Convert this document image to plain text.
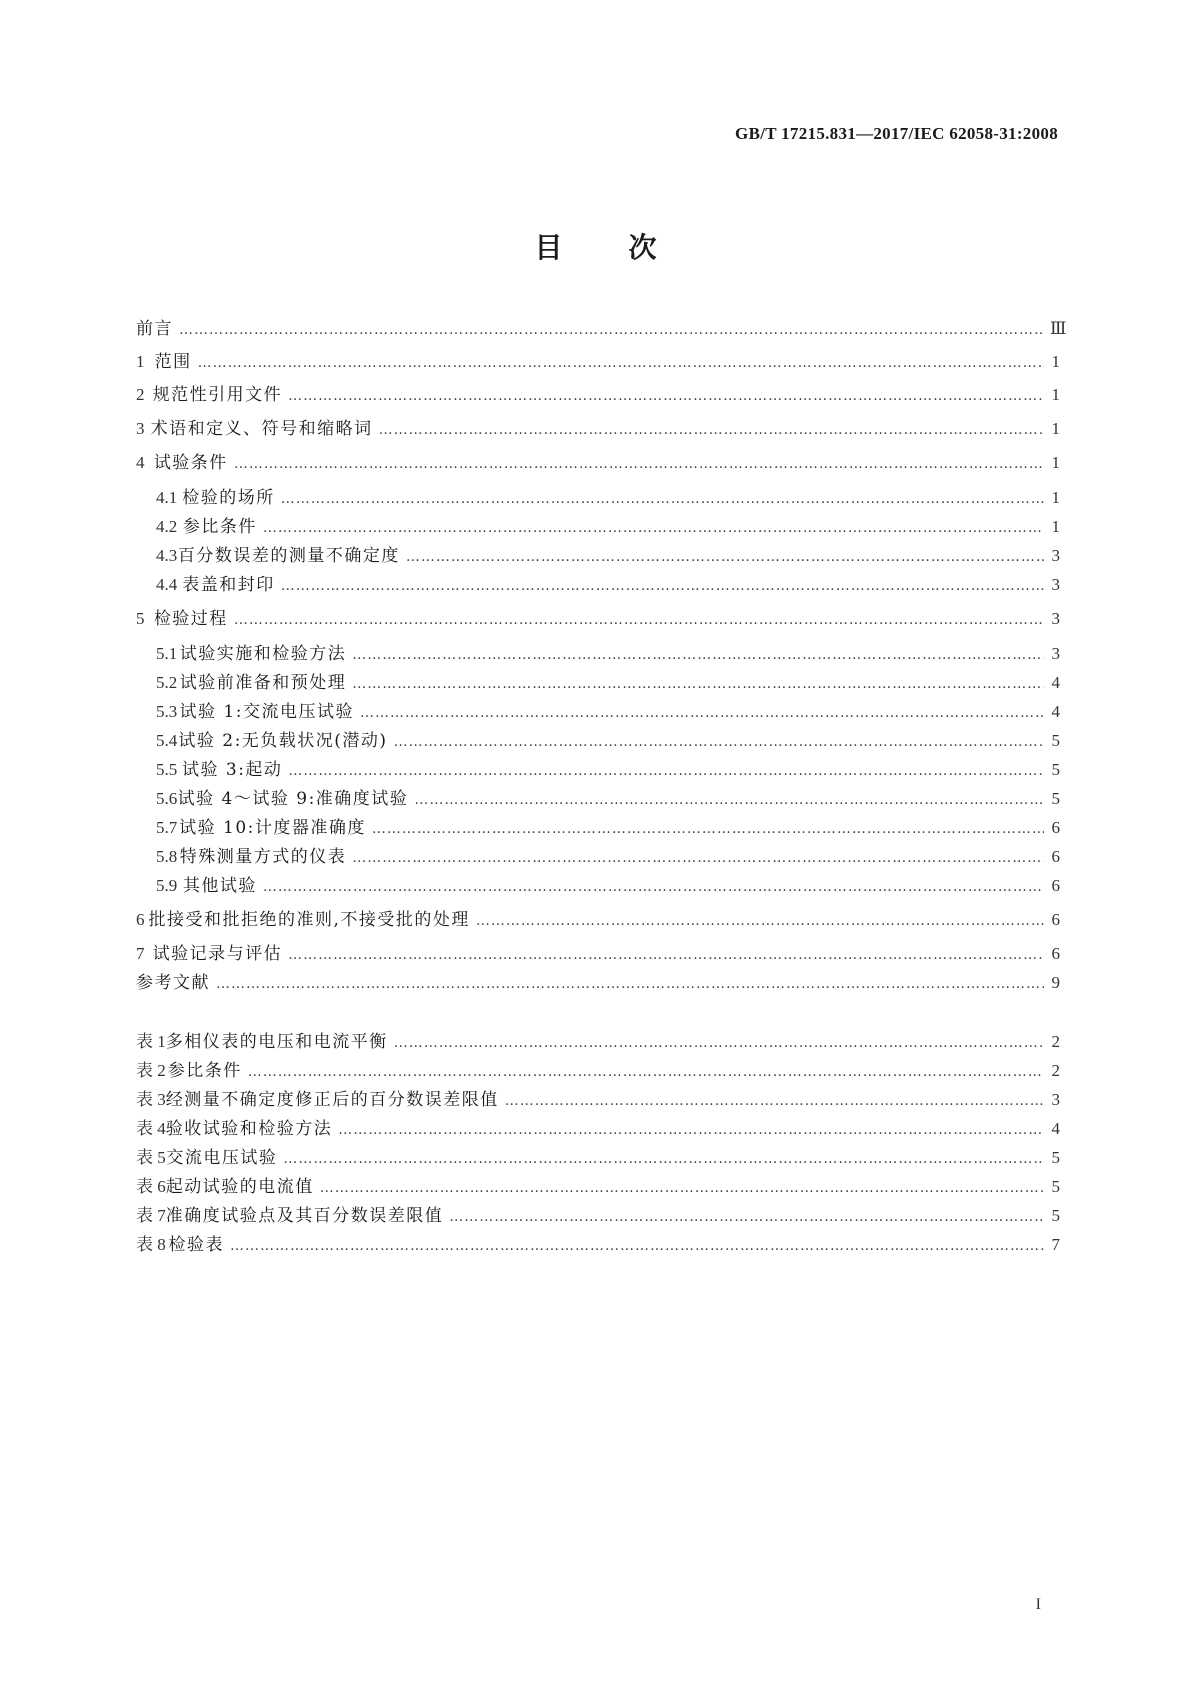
GB/T 17215.831—2017/IEC 62058-31:2008
目 次
前言 …………………………………………………………………………………………………………………………………………………………………………………………………………………………………………………………………	Ⅲ
1 范围 …………………………………………………………………………………………………………………………………………………………………………………………………………………………………………………………………	1
2 规范性引用文件 …………………………………………………………………………………………………………………………………………………………………………………………………………………………………………………………………	1
3 术语和定义、符号和缩略词 …………………………………………………………………………………………………………………………………………………………………………………………………………………………………………………………………	1
4 试验条件 …………………………………………………………………………………………………………………………………………………………………………………………………………………………………………………………………	1
4.1 检验的场所 …………………………………………………………………………………………………………………………………………………………………………………………………………………………………………………………………	1
4.2 参比条件 …………………………………………………………………………………………………………………………………………………………………………………………………………………………………………………………………	1
4.3 百分数误差的测量不确定度 …………………………………………………………………………………………………………………………………………………………………………………………………………………………………………………………………	3
4.4 表盖和封印 …………………………………………………………………………………………………………………………………………………………………………………………………………………………………………………………………	3
5 检验过程 …………………………………………………………………………………………………………………………………………………………………………………………………………………………………………………………………	3
5.1 试验实施和检验方法 …………………………………………………………………………………………………………………………………………………………………………………………………………………………………………………………………	3
5.2 试验前准备和预处理 …………………………………………………………………………………………………………………………………………………………………………………………………………………………………………………………………	4
5.3 试验 1:交流电压试验 …………………………………………………………………………………………………………………………………………………………………………………………………………………………………………………………………	4
5.4 试验 2:无负载状况(潜动) …………………………………………………………………………………………………………………………………………………………………………………………………………………………………………………………………	5
5.5 试验 3:起动 …………………………………………………………………………………………………………………………………………………………………………………………………………………………………………………………………	5
5.6 试验 4～试验 9:准确度试验 …………………………………………………………………………………………………………………………………………………………………………………………………………………………………………………………………	5
5.7 试验 10:计度器准确度 …………………………………………………………………………………………………………………………………………………………………………………………………………………………………………………………………	6
5.8 特殊测量方式的仪表 …………………………………………………………………………………………………………………………………………………………………………………………………………………………………………………………………	6
5.9 其他试验 …………………………………………………………………………………………………………………………………………………………………………………………………………………………………………………………………	6
6 批接受和批拒绝的准则,不接受批的处理 …………………………………………………………………………………………………………………………………………………………………………………………………………………………………………………………………	6
7 试验记录与评估 …………………………………………………………………………………………………………………………………………………………………………………………………………………………………………………………………	6
参考文献 …………………………………………………………………………………………………………………………………………………………………………………………………………………………………………………………………	9
表 1 多相仪表的电压和电流平衡 …………………………………………………………………………………………………………………………………………………………………………………………………………………………………………………………………	2
表 2 参比条件 …………………………………………………………………………………………………………………………………………………………………………………………………………………………………………………………………	2
表 3 经测量不确定度修正后的百分数误差限值 …………………………………………………………………………………………………………………………………………………………………………………………………………………………………………………………………	3
表 4 验收试验和检验方法 …………………………………………………………………………………………………………………………………………………………………………………………………………………………………………………………………	4
表 5 交流电压试验 …………………………………………………………………………………………………………………………………………………………………………………………………………………………………………………………………	5
表 6 起动试验的电流值 …………………………………………………………………………………………………………………………………………………………………………………………………………………………………………………………………	5
表 7 准确度试验点及其百分数误差限值 …………………………………………………………………………………………………………………………………………………………………………………………………………………………………………………………………	5
表 8 检验表 …………………………………………………………………………………………………………………………………………………………………………………………………………………………………………………………………	7
I
